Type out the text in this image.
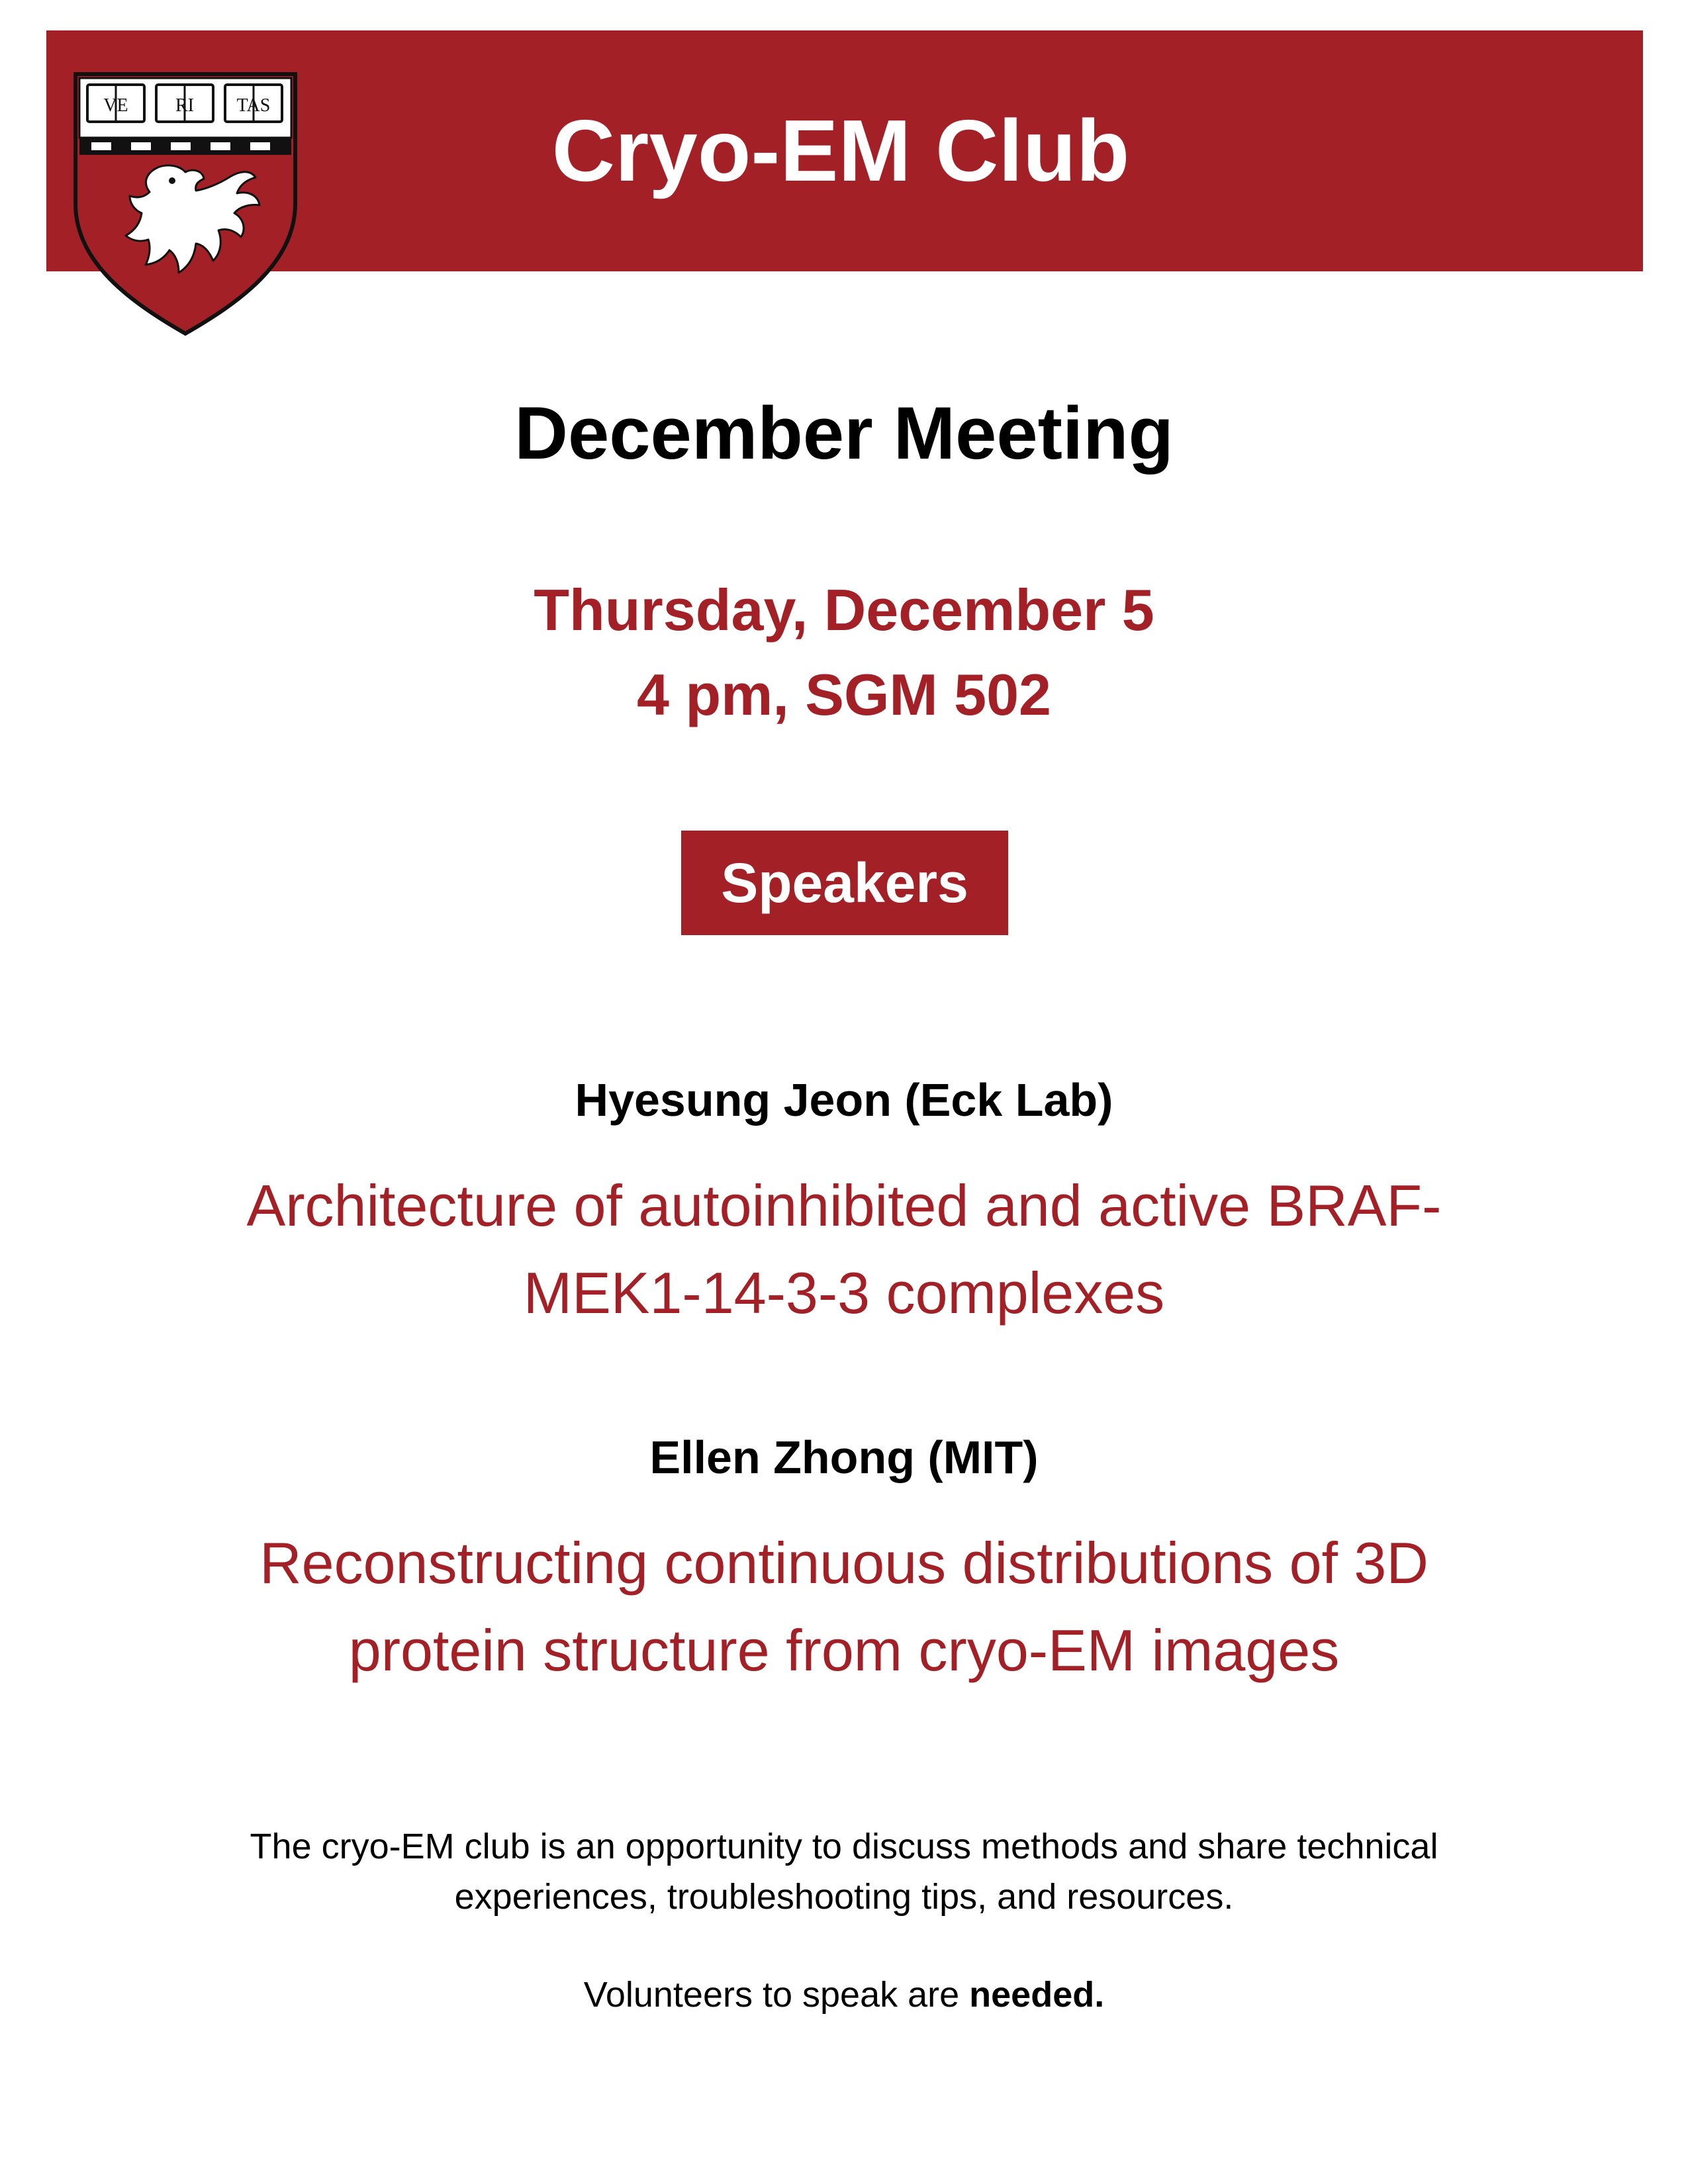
VE	RI TAS	Cryo-EM Club
December Meeting
Thursday, December 5
4 pm, SGM 502
Speakers
Hyesung Jeon (Eck Lab)
Architecture of autoinhibited and active BRAF-
MEK1-14-3-3 complexes
Ellen Zhong (MIT)
Reconstructing continuous distributions of 3D
protein structure from cryo-EM images
The cryo-EM club is an opportunity to discuss methods and share technical
experiences, troubleshooting tips, and resources.
Volunteers to speak are needed.
